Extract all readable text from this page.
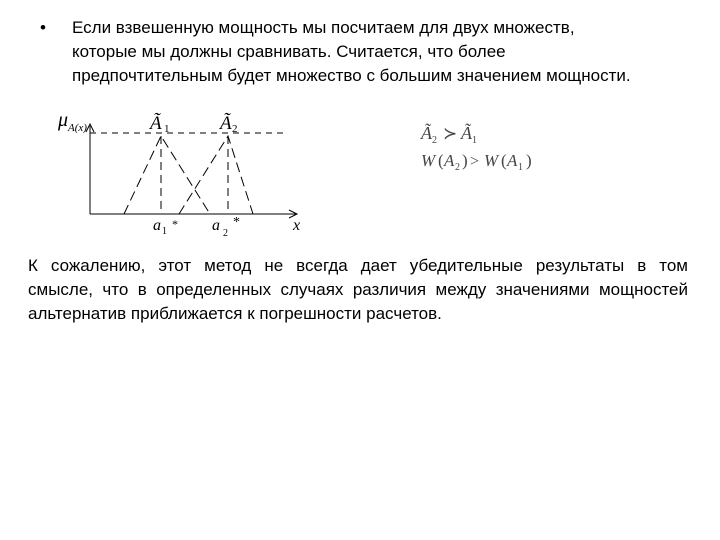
• Если взвешенную мощность мы посчитаем для двух множеств,
которые мы должны сравнивать. Считается, что более
предпочтительным будет множество с большим значением мощности.
μ A(x)	Ã 1	Ã 2
a 1
* a 2
*	x
Ã 2 ≻ Ã 1
W ( A 2 ) > W ( A 1 )
К сожалению, этот метод не всегда дает убедительные результаты в том
смысле, что в определенных случаях различия между значениями мощностей
альтернатив приближается к погрешности расчетов.
